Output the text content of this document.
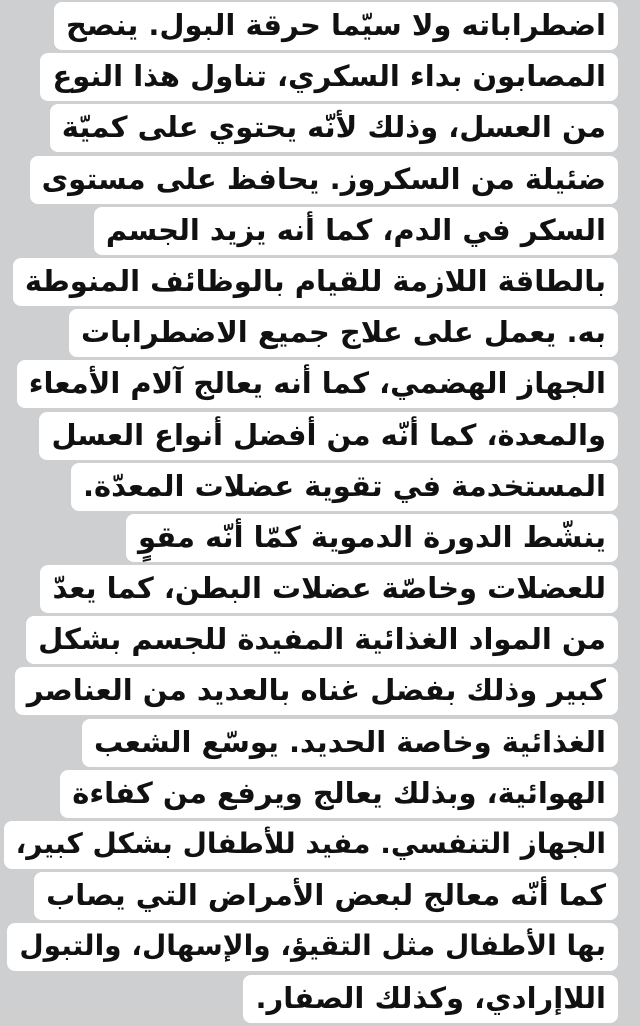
اضطراباته ولا سيّما حرقة البول. ينصح
المصابون بداء السكري، تناول هذا النوع
من العسل، وذلك لأنّه يحتوي على كميّة
ضئيلة من السكروز. يحافظ على مستوى
السكر في الدم، كما أنه يزيد الجسم
بالطاقة اللازمة للقيام بالوظائف المنوطة
به. يعمل على علاج جميع الاضطرابات
الجهاز الهضمي، كما أنه يعالج آلام الأمعاء
والمعدة، كما أنّه من أفضل أنواع العسل
المستخدمة في تقوية عضلات المعدّة.
ينشّط الدورة الدموية كمّا أنّه مقوٍ
للعضلات وخاصّة عضلات البطن، كما يعدّ
من المواد الغذائية المفيدة للجسم بشكل
كبير وذلك بفضل غناه بالعديد من العناصر
الغذائية وخاصة الحديد. يوسّع الشعب
الهوائية، وبذلك يعالج ويرفع من كفاءة
الجهاز التنفسي. مفيد للأطفال بشكل كبير،
كما أنّه معالج لبعض الأمراض التي يصاب
بها الأطفال مثل التقيؤ، والإسهال، والتبول
اللاإرادي، وكذلك الصفار.
